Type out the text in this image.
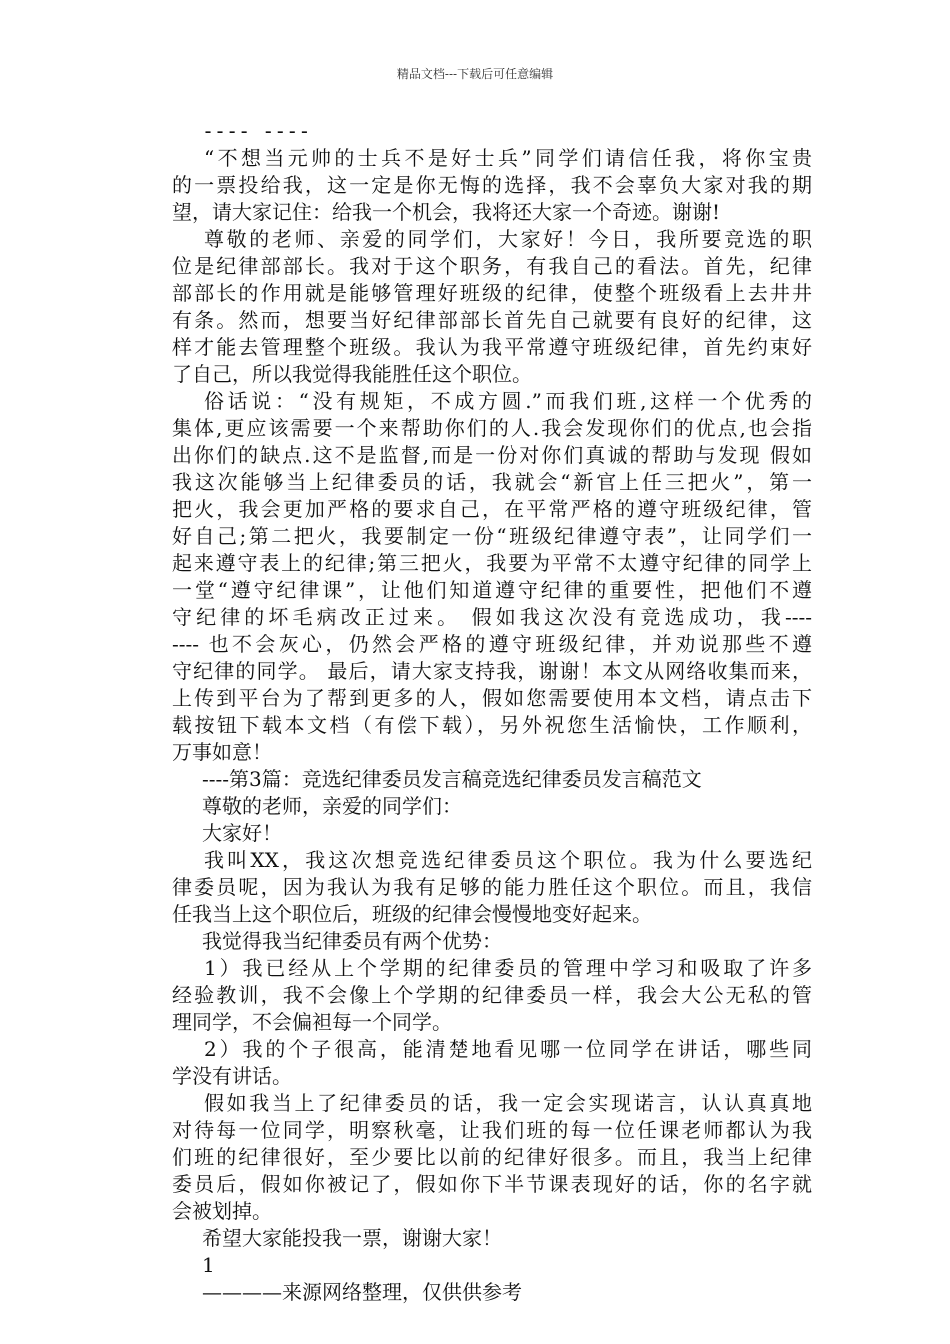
精品文档---下载后可任意编辑
---- ----
“不想当元帅的士兵不是好士兵”同学们请信任我，将你宝贵
的一票投给我，这一定是你无悔的选择，我不会辜负大家对我的期
望，请大家记住：给我一个机会，我将还大家一个奇迹。谢谢!
尊敬的老师、亲爱的同学们，大家好！今日，我所要竞选的职
位是纪律部部长。我对于这个职务，有我自己的看法。首先，纪律
部部长的作用就是能够管理好班级的纪律，使整个班级看上去井井
有条。然而，想要当好纪律部部长首先自己就要有良好的纪律，这
样才能去管理整个班级。我认为我平常遵守班级纪律，首先约束好
了自己，所以我觉得我能胜任这个职位。
俗话说：“没有规矩，不成方圆.”而我们班,这样一个优秀的
集体,更应该需要一个来帮助你们的人.我会发现你们的优点,也会指
出你们的缺点.这不是监督,而是一份对你们真诚的帮助与发现 假如
我这次能够当上纪律委员的话，我就会“新官上任三把火”，第一
把火，我会更加严格的要求自己，在平常严格的遵守班级纪律，管
好自己;第二把火，我要制定一份“班级纪律遵守表”，让同学们一
起来遵守表上的纪律;第三把火，我要为平常不太遵守纪律的同学上
一堂“遵守纪律课”，让他们知道遵守纪律的重要性，把他们不遵
守纪律的坏毛病改正过来。 假如我这次没有竞选成功，我----
---- 也不会灰心，仍然会严格的遵守班级纪律，并劝说那些不遵
守纪律的同学。 最后，请大家支持我，谢谢！本文从网络收集而来，
上传到平台为了帮到更多的人，假如您需要使用本文档，请点击下
载按钮下载本文档（有偿下载），另外祝您生活愉快，工作顺利，
万事如意！
----第3篇：竞选纪律委员发言稿竞选纪律委员发言稿范文
尊敬的老师，亲爱的同学们：
大家好！
我叫XX，我这次想竞选纪律委员这个职位。我为什么要选纪
律委员呢，因为我认为我有足够的能力胜任这个职位。而且，我信
任我当上这个职位后，班级的纪律会慢慢地变好起来。
我觉得我当纪律委员有两个优势：
1）我已经从上个学期的纪律委员的管理中学习和吸取了许多
经验教训，我不会像上个学期的纪律委员一样，我会大公无私的管
理同学，不会偏袒每一个同学。
2）我的个子很高，能清楚地看见哪一位同学在讲话，哪些同
学没有讲话。
假如我当上了纪律委员的话，我一定会实现诺言，认认真真地
对待每一位同学，明察秋毫，让我们班的每一位任课老师都认为我
们班的纪律很好，至少要比以前的纪律好很多。而且，我当上纪律
委员后，假如你被记了，假如你下半节课表现好的话，你的名字就
会被划掉。
希望大家能投我一票，谢谢大家！
1
————来源网络整理，仅供供参考
